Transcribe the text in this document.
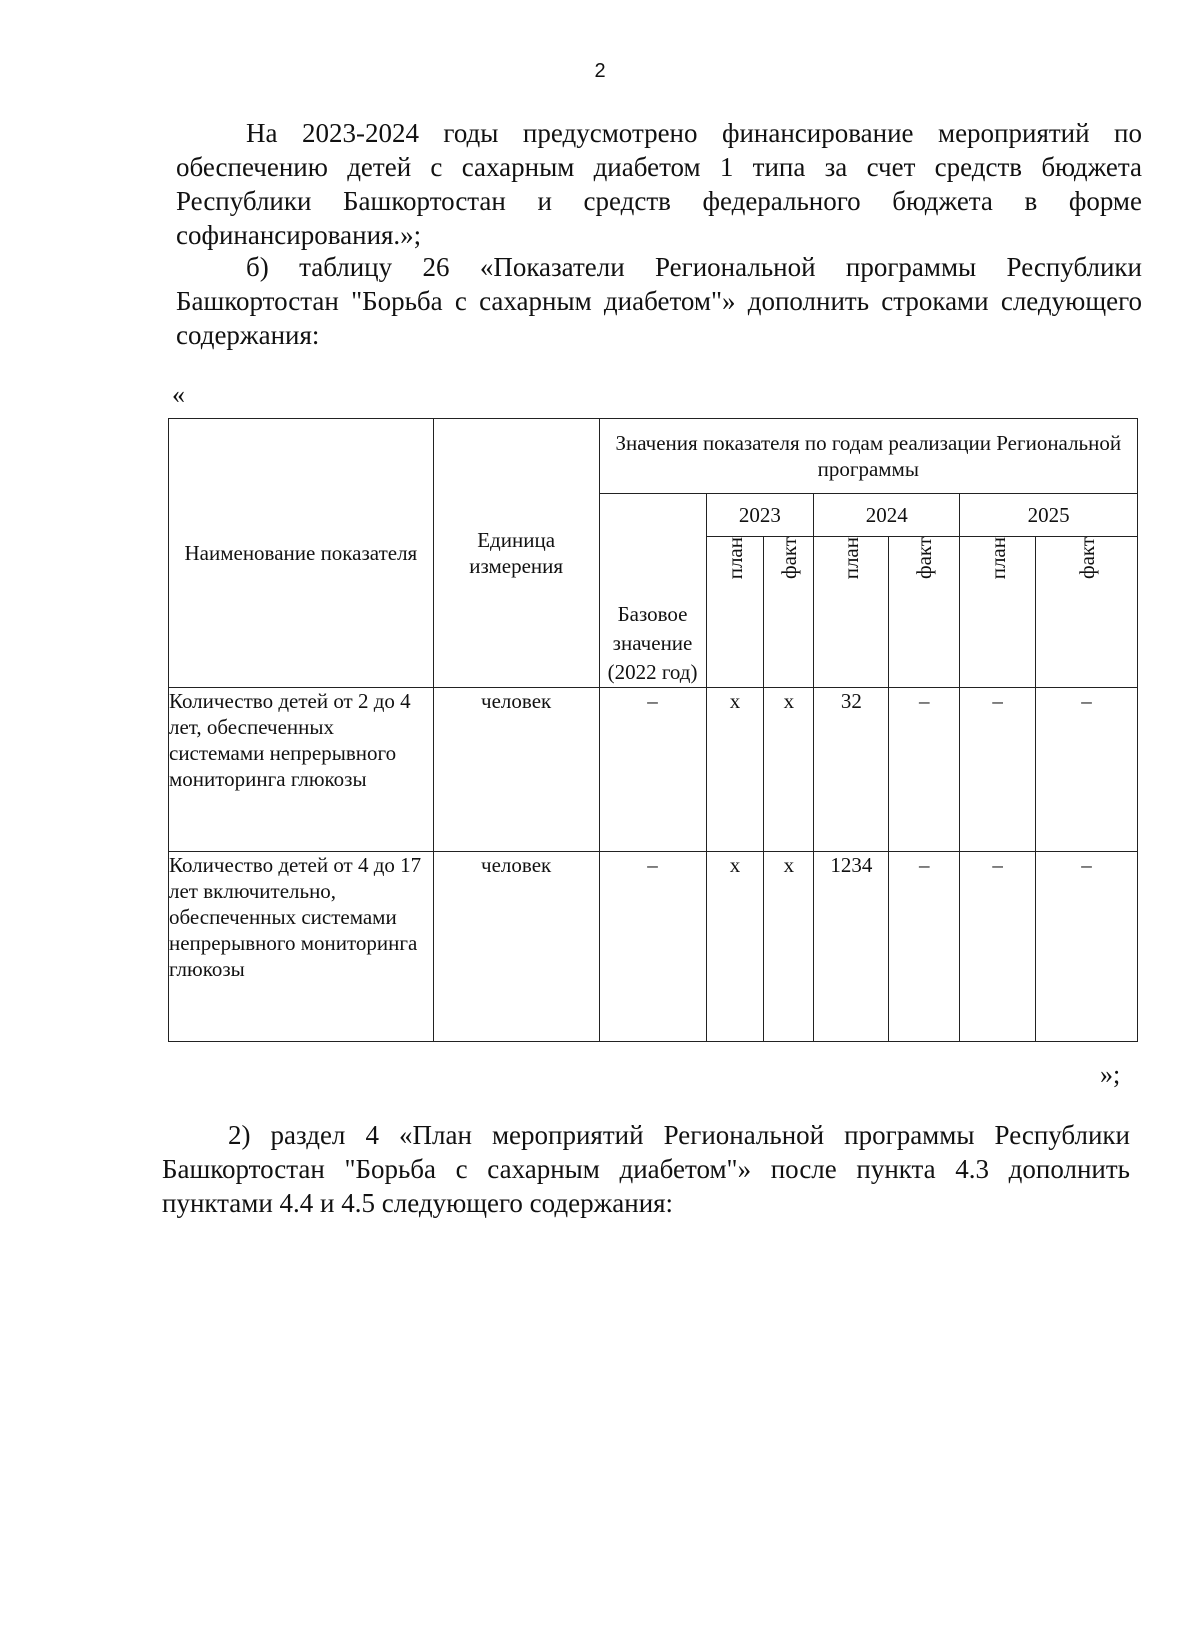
2

На 2023-2024 годы предусмотрено финансирование мероприятий по обеспечению детей с сахарным диабетом 1 типа за счет средств бюджета Республики Башкортостан и средств федерального бюджета в форме софинансирования.»;

б) таблицу 26 «Показатели Региональной программы Республики Башкортостан "Борьба с сахарным диабетом"» дополнить строками следующего содержания:

«
Наименование показателя	Единица измерения	Значения показателя по годам реализации Региональной программы						
		Базовое значение (2022 год)	2023		2024		2025	
			план	факт	план	факт	план	факт
Количество детей от 2 до 4 лет, обеспеченных системами непрерывного мониторинга глюкозы	человек	–	х	х	32	–	–	–
Количество детей от 4 до 17 лет включительно, обеспеченных системами непрерывного мониторинга глюкозы	человек	–	х	х	1234	–	–	–
»;

2) раздел 4 «План мероприятий Региональной программы Республики Башкортостан "Борьба с сахарным диабетом"» после пункта 4.3 дополнить пунктами 4.4 и 4.5 следующего содержания:
